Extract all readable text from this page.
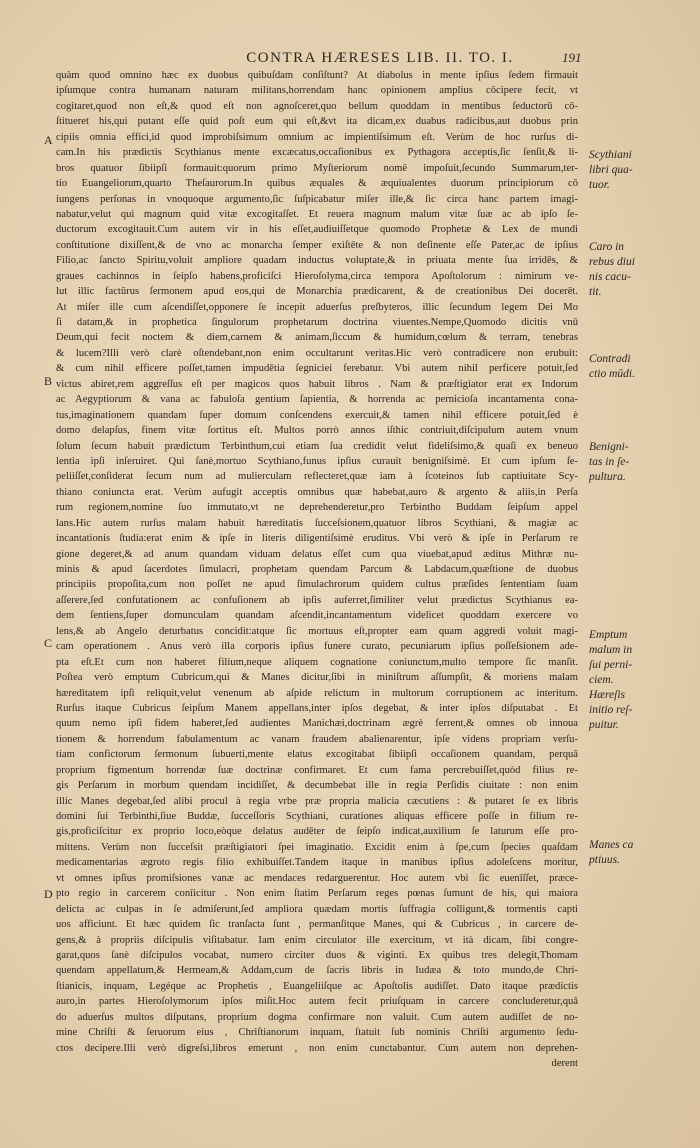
CONTRA HÆRESES LIB. II. TO. I.	191
A
B
C
D
Scythiani
libri qua-
tuor.
Caro in
rebus diui
nis cacu-
tit.
Contradi
ctio mūdi.
Benigni-
tas in ſe-
pultura.
Emptum
malum in
ſui perni-
ciem.
Hæreſis
initio reſ-
puitur.
Manes ca
ptiuus.
quàm quod omnino hæc ex duobus quibuſdam conſiſtunt? At diabolus in mente ipſius ſedem firmauit
ipſumque contra humanam naturam militans,horrendam hanc opinionem amplius cōcipere fecit, vt
cogitaret,quod non eſt,& quod eſt non agnoſceret,quo bellum quoddam in mentibus ſeductorū cō-
ſtitueret his,qui putant eſſe quid poſt eum qui eſt,&vt ita dicam,ex duabus radicibus,aut duobus prin
cipiis omnia effici,id quod improbiſsimum omnium ac impientiſsimum eſt. Verùm de hoc rurſus di-
cam.In his prædictis Scythianus mente excæcatus,occaſionibus ex Pythagora acceptis,ſic ſenſit,& li-
bros quatuor ſibiipſi formauit:quorum primo Myſteriorum nomē impoſuit,ſecundo Summarum,ter-
tio Euangeliorum,quarto Theſaurorum.In quibus æquales & æquiualentes duorum principiorum cō
iungens perſonas in vnoquoque argumento,ſic ſuſpicabatur miſer ille,& ſic circa hanc partem imagi-
nabatur,velut qui magnum quid vitæ excogitaſſet. Et reuera magnum malum vitæ ſuæ ac ab ipſo ſe-
ductorum excogitauit.Cum autem vir in his eſſet,audiuiſſetque quomodo Prophetæ & Lex de mundi
conſtitutione dixiſſent,& de vno ac monarcha ſemper exiſtēte & non deſinente eſſe Pater,ac de ipſius
Filio,ac ſancto Spiritu,voluit ampliore quadam inductus voluptate,& in priuata mente ſua irridēs, &
graues cachinnos in ſeipſo habens,proficiſci Hieroſolyma,circa tempora Apoſtolorum : nimirum ve-
lut illic factūrus ſermonem apud eos,qui de Monarchia prædicarent, & de creationibus Dei docerēt.
At miſer ille cum aſcendiſſet,opponere ſe incepit aduerſus preſbyteros, illic ſecundum legem Dei Mo
ſi datam,& in prophetica ſingulorum prophetarum doctrina viuentes.Nempe,Quomodo dicitis vnū
Deum,qui fecit noctem & diem,carnem & animam,ſiccum & humidum,cœlum & terram, tenebras
& lucem?Illi verò clarè oſtendebant,non enim occultarunt veritas.Hic verò contradicere non erubuit:
& cum nihil efficere poſſet,tamen impudētia ſegniciei ferebatur. Vbi autem nihil perficere potuit,ſed
victus abiret,rem aggreſſus eſt per magicos quos habuit libros . Nam & præſtigiator erat ex Indorum
ac Aegyptiorum & vana ac fabuloſa gentium ſapientia, & horrenda ac pernicioſa incantamenta cona-
tus,imaginationem quandam ſuper domum conſcendens exercuit,& tamen nihil efficere potuit,ſed è
domo delapſus, finem vitæ ſortitus eſt. Multos porrò annos iſthic contriuit,diſcipulum autem vnum
ſolum ſecum habuit prædictum Terbinthum,cui etiam ſua credidit velut fideliſsimo,& quaſi ex beneuo
lentia ipſi inſeruiret. Qui ſanè,mortuo Scythiano,funus ipſius curauit benigniſsimè. Et cum ipſum ſe-
peliiſſet,conſiderat ſecum num ad mulierculam reflecteret,quæ iam à ſcoteinos ſub captiuitate Scy-
thiano coniuncta erat. Verùm aufugit acceptis omnibus quæ habebat,auro & argento & aliis,in Perſa
rum regionem,nomine ſuo immutato,vt ne deprehenderetur,pro Terbintho Buddam ſeipſum appel
lans.Hic autem rurſus malam habuit hæreditatis ſucceſsionem,quatuor libros Scythiani, & magiæ ac
incantationis ſtudia:erat enim & ipſe in literis diligentiſsimè eruditus. Vbi verò & ipſe in Perſarum re
gione degeret,& ad anum quandam viduam delatus eſſet cum qua viuebat,apud æditus Mithræ nu-
minis & apud ſacerdotes ſimulacri, prophetam quendam Parcum & Labdacum,quæſtione de duobus
principiis propoſita,cum non poſſet ne apud ſimulachrorum quidem cultus præſides ſententiam ſuam
aſſerere,ſed confutationem ac confuſionem ab ipſis auferret,ſimiliter velut prædictus Scythianus ea-
dem ſentiens,ſuper domunculam quandam aſcendit,incantamentum videlicet quoddam exercere vo
lens,& ab Angelo deturbatus concidit:atque ſic mortuus eſt,propter eam quam aggredi voluit magi-
cam operationem . Anus verò illa corporis ipſius funere curato, pecuniarum ipſius poſſeſsionem ade-
pta eſt.Et cum non haberet filium,neque aliquem cognatione coniunctum,multo tempore ſic manſit.
Poſtea verò emptum Cubricum,qui & Manes dicitur,ſibi in miniſtrum aſſumpſit, & moriens malam
hæreditatem ipſi reliquit,velut venenum ab aſpide relictum in multorum corruptionem ac interitum.
Rurſus itaque Cubricus ſeipſum Manem appellans,inter ipſos degebat, & inter ipſos diſputabat . Et
quum nemo ipſi fidem haberet,ſed audientes Manichæi,doctrinam ægrè ferrent,& omnes ob innoua
tionem & horrendum fabulamentum ac vanam fraudem abalienarentur, ipſe videns propriam verſu-
tiam confictorum ſermonum ſubuerti,mente elatus excogitabat ſibiipſi occaſionem quandam, perquā
proprium figmentum horrendæ ſuæ doctrinæ confirmaret. Et cum fama percrebuiſſet,quòd filius re-
gis Perſarum in morbum quendam incidiſſet, & decumbebat ille in regia Perſidis ciuitate : non enim
illic Manes degebat,ſed alibi procul à regia vrbe præ propria malicia cæcutiens : & putaret ſe ex libris
domini ſui Terbinthi,ſiue Buddæ, ſucceſſoris Scythiani, curationes aliquas efficere poſſe in filium re-
gis,proficiſcitur ex proprio loco,eòque delatus audēter de ſeipſo indicat,auxilium ſe laturum eſſe pro-
mittens. Verùm non ſucceſsit præſtigiatori ſpei imaginatio. Excidit enim à ſpe,cum ſpecies quaſdam
medicamentarias ægroto regis filio exhibuiſſet.Tandem itaque in manibus ipſius adoleſcens moritur,
vt omnes ipſius promiſsiones vanæ ac mendaces redarguerentur. Hoc autem vbi ſic euenīſſet, præce-
pto regio in carcerem conīicitur . Non enim ſtatim Perſarum reges pœnas ſumunt de his, qui maiora
delicta ac culpas in ſe admiſerunt,ſed ampliora quædam mortis ſuffragia colligunt,& tormentis capti
uos afficiunt. Et hæc quidem ſic tranſacta ſunt , permanſitque Manes, qui & Cubricus , in carcere de-
gens,& à propriis diſcipulis viſitabatur. Iam enim circulator ille exercitum, vt ità dicam, ſibi congre-
garat,quos ſanè diſcipulos vocabat, numero circiter duos & viginti. Ex quibus tres delegit,Thomam
quendam appellatum,& Hermeam,& Addam,cum de ſacris libris in Iudæa & toto mundo,de Chri-
ſtianicis, inquam, Legéque ac Prophetis , Euangeliiſque ac Apoſtolis audiſſet. Dato itaque prædictis
auro,in partes Hieroſolymorum ipſos miſit.Hoc autem fecit priuſquam in carcere concluderetur,quā
do aduerſus multos diſputans, proprium dogma confirmare non valuit. Cum autem audiſſet de no-
mine Chriſti & ſeruorum eius , Chriſtianorum inquam, ſtatuit ſub nominis Chriſti argumento ſedu-
ctos decipere.Illi verò digreſsi,libros emerunt , non enim cunctabantur. Cum autem non deprehen-
derent
